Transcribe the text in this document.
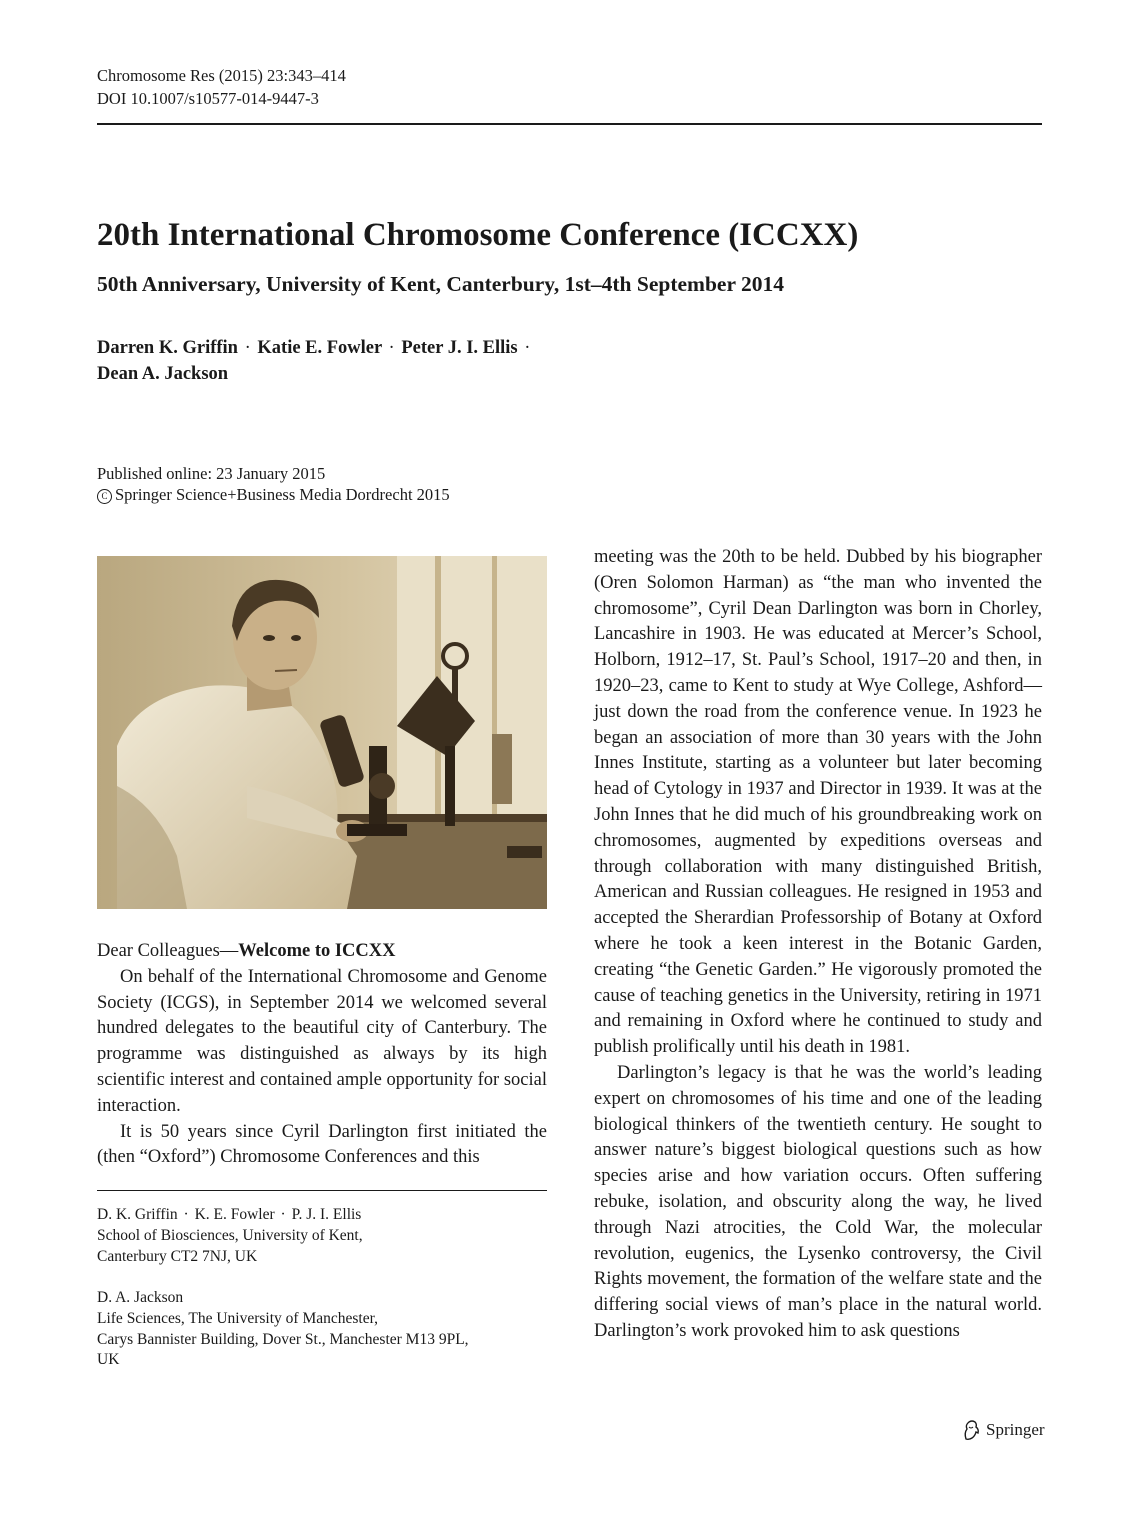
Chromosome Res (2015) 23:343–414
DOI 10.1007/s10577-014-9447-3
20th International Chromosome Conference (ICCXX)
50th Anniversary, University of Kent, Canterbury, 1st–4th September 2014
Darren K. Griffin · Katie E. Fowler · Peter J. I. Ellis ·
Dean A. Jackson
Published online: 23 January 2015
C Springer Science+Business Media Dordrecht 2015

Dear Colleagues—Welcome to ICCXX

On behalf of the International Chromosome and Genome Society (ICGS), in September 2014 we welcomed several hundred delegates to the beautiful city of Canterbury. The programme was distinguished as always by its high scientific interest and contained ample opportunity for social interaction.

It is 50 years since Cyril Darlington first initiated the (then “Oxford”) Chromosome Conferences and this

D. K. Griffin · K. E. Fowler · P. J. I. Ellis
School of Biosciences, University of Kent,
Canterbury CT2 7NJ, UK
D. A. Jackson
Life Sciences, The University of Manchester,
Carys Bannister Building, Dover St., Manchester M13 9PL,
UK

meeting was the 20th to be held. Dubbed by his biographer (Oren Solomon Harman) as “the man who invented the chromosome”, Cyril Dean Darlington was born in Chorley, Lancashire in 1903. He was educated at Mercer’s School, Holborn, 1912–17, St. Paul’s School, 1917–20 and then, in 1920–23, came to Kent to study at Wye College, Ashford—just down the road from the conference venue. In 1923 he began an association of more than 30 years with the John Innes Institute, starting as a volunteer but later becoming head of Cytology in 1937 and Director in 1939. It was at the John Innes that he did much of his groundbreaking work on chromosomes, augmented by expeditions overseas and through collaboration with many distinguished British, American and Russian colleagues. He resigned in 1953 and accepted the Sherardian Professorship of Botany at Oxford where he took a keen interest in the Botanic Garden, creating “the Genetic Garden.” He vigorously promoted the cause of teaching genetics in the University, retiring in 1971 and remaining in Oxford where he continued to study and publish prolifically until his death in 1981.

Darlington’s legacy is that he was the world’s leading expert on chromosomes of his time and one of the leading biological thinkers of the twentieth century. He sought to answer nature’s biggest biological questions such as how species arise and how variation occurs. Often suffering rebuke, isolation, and obscurity along the way, he lived through Nazi atrocities, the Cold War, the molecular revolution, eugenics, the Lysenko controversy, the Civil Rights movement, the formation of the welfare state and the differing social views of man’s place in the natural world. Darlington’s work provoked him to ask questions

Springer
